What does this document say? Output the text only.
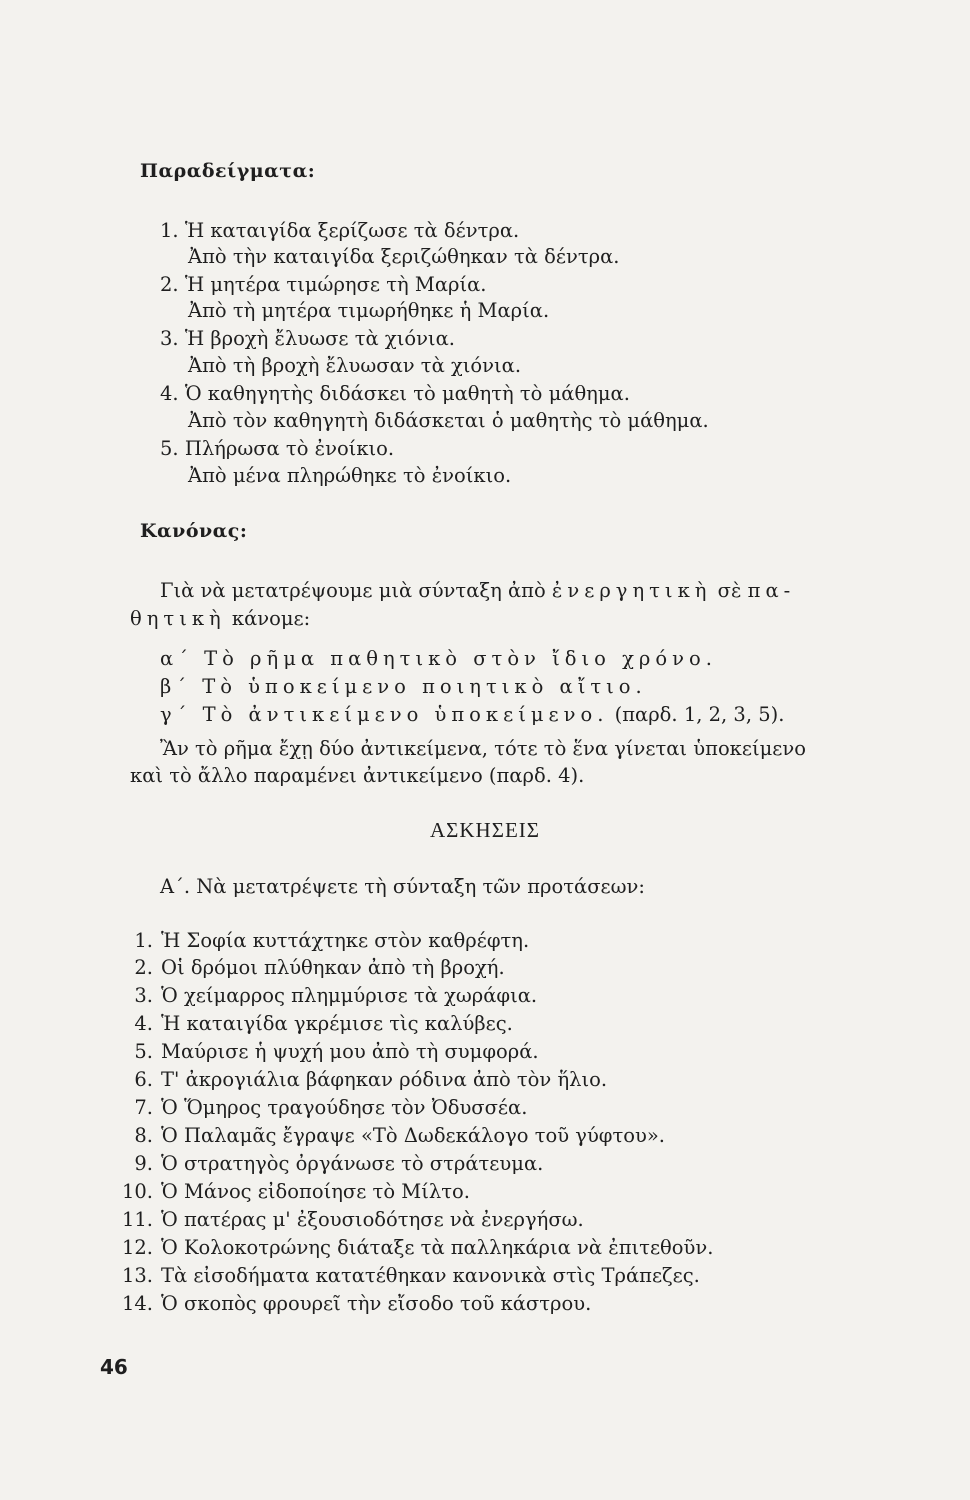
Παραδείγματα:
1. Ἡ καταιγίδα ξερίζωσε τὰ δέντρα.
Ἀπὸ τὴν καταιγίδα ξεριζώθηκαν τὰ δέντρα.
2. Ἡ μητέρα τιμώρησε τὴ Μαρία.
Ἀπὸ τὴ μητέρα τιμωρήθηκε ἡ Μαρία.
3. Ἡ βροχὴ ἔλυωσε τὰ χιόνια.
Ἀπὸ τὴ βροχὴ ἔλυωσαν τὰ χιόνια.
4. Ὁ καθηγητὴς διδάσκει τὸ μαθητὴ τὸ μάθημα.
Ἀπὸ τὸν καθηγητὴ διδάσκεται ὁ μαθητὴς τὸ μάθημα.
5. Πλήρωσα τὸ ἐνοίκιο.
Ἀπὸ μένα πληρώθηκε τὸ ἐνοίκιο.
Κανόνας:
Γιὰ νὰ μετατρέψουμε μιὰ σύνταξη ἀπὸ ἐνεργητικὴ σὲ πα-
θητικὴ κάνομε:
α΄ Τὸ ρῆμα παθητικὸ στὸν ἴδιο χρόνο.
β΄ Τὸ ὑποκείμενο ποιητικὸ αἴτιο.
γ΄ Τὸ ἀντικείμενο ὑποκείμενο. (παρδ. 1, 2, 3, 5).
Ἂν τὸ ρῆμα ἔχῃ δύο ἀντικείμενα, τότε τὸ ἕνα γίνεται ὑποκείμενο
καὶ τὸ ἄλλο παραμένει ἀντικείμενο (παρδ. 4).
ΑΣΚΗΣΕΙΣ
Α΄. Νὰ μετατρέψετε τὴ σύνταξη τῶν προτάσεων:
1. Ἡ Σοφία κυττάχτηκε στὸν καθρέφτη.
2. Οἱ δρόμοι πλύθηκαν ἀπὸ τὴ βροχή.
3. Ὁ χείμαρρος πλημμύρισε τὰ χωράφια.
4. Ἡ καταιγίδα γκρέμισε τὶς καλύβες.
5. Μαύρισε ἡ ψυχή μου ἀπὸ τὴ συμφορά.
6. Τ' ἀκρογιάλια βάφηκαν ρόδινα ἀπὸ τὸν ἥλιο.
7. Ὁ Ὅμηρος τραγούδησε τὸν Ὀδυσσέα.
8. Ὁ Παλαμᾶς ἔγραψε «Τὸ Δωδεκάλογο τοῦ γύφτου».
9. Ὁ στρατηγὸς ὀργάνωσε τὸ στράτευμα.
10. Ὁ Μάνος εἰδοποίησε τὸ Μίλτο.
11. Ὁ πατέρας μ' ἐξουσιοδότησε νὰ ἐνεργήσω.
12. Ὁ Κολοκοτρώνης διάταξε τὰ παλληκάρια νὰ ἐπιτεθοῦν.
13. Τὰ εἰσοδήματα κατατέθηκαν κανονικὰ στὶς Τράπεζες.
14. Ὁ σκοπὸς φρουρεῖ τὴν εἴσοδο τοῦ κάστρου.
46
